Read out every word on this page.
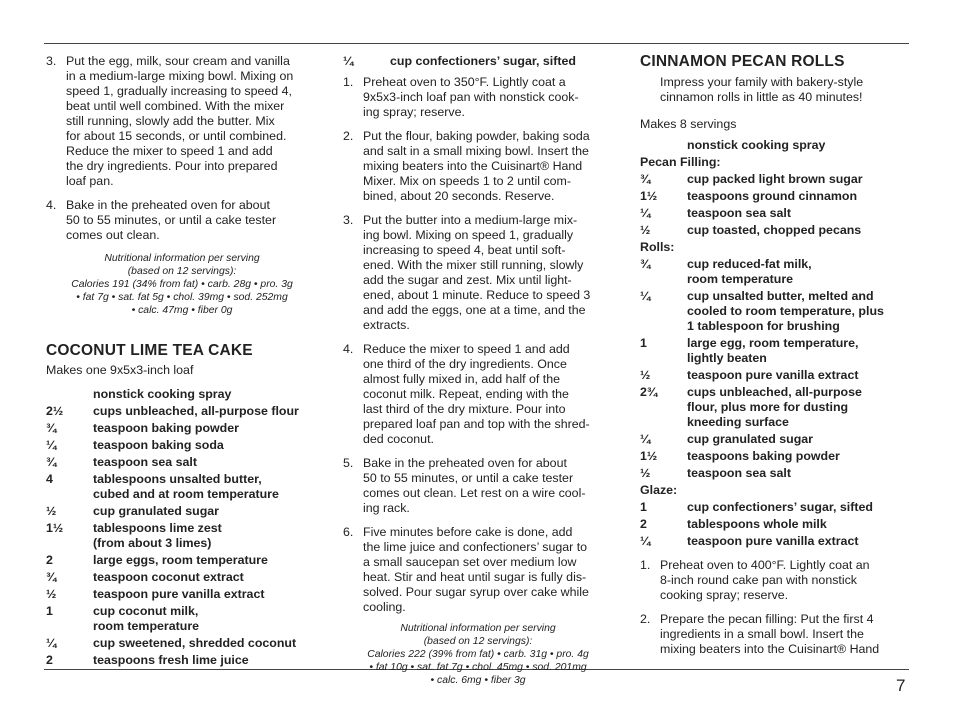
3. Put the egg, milk, sour cream and vanilla
in a medium-large mixing bowl. Mixing on
speed 1, gradually increasing to speed 4,
beat until well combined. With the mixer
still running, slowly add the butter. Mix
for about 15 seconds, or until combined.
Reduce the mixer to speed 1 and add
the dry ingredients. Pour into prepared
loaf pan.
4. Bake in the preheated oven for about
50 to 55 minutes, or until a cake tester
comes out clean.
Nutritional information per serving
(based on 12 servings):
Calories 191 (34% from fat) • carb. 28g • pro. 3g
• fat 7g • sat. fat 5g • chol. 39mg • sod. 252mg
• calc. 47mg • fiber 0g
COCONUT LIME TEA CAKE

Makes one 9x5x3-inch loaf

nonstick cooking spray
2½	cups unbleached, all-purpose flour
¾	teaspoon baking powder
¼	teaspoon baking soda
¾	teaspoon sea salt
4	tablespoons unsalted butter,
cubed and at room temperature
½	cup granulated sugar
1½	tablespoons lime zest
(from about 3 limes)
2	large eggs, room temperature
¾	teaspoon coconut extract
½	teaspoon pure vanilla extract
1	cup coconut milk,
room temperature
¼	cup sweetened, shredded coconut
2	teaspoons fresh lime juice
¼	cup confectioners’ sugar, sifted
1. Preheat oven to 350°F. Lightly coat a
9x5x3-inch loaf pan with nonstick cook-
ing spray; reserve.
2. Put the flour, baking powder, baking soda
and salt in a small mixing bowl. Insert the
mixing beaters into the Cuisinart® Hand
Mixer. Mix on speeds 1 to 2 until com-
bined, about 20 seconds. Reserve.
3. Put the butter into a medium-large mix-
ing bowl. Mixing on speed 1, gradually
increasing to speed 4, beat until soft-
ened. With the mixer still running, slowly
add the sugar and zest. Mix until light-
ened, about 1 minute. Reduce to speed 3
and add the eggs, one at a time, and the
extracts.
4. Reduce the mixer to speed 1 and add
one third of the dry ingredients. Once
almost fully mixed in, add half of the
coconut milk. Repeat, ending with the
last third of the dry mixture. Pour into
prepared loaf pan and top with the shred-
ded coconut.
5. Bake in the preheated oven for about
50 to 55 minutes, or until a cake tester
comes out clean. Let rest on a wire cool-
ing rack.
6. Five minutes before cake is done, add
the lime juice and confectioners’ sugar to
a small saucepan set over medium low
heat. Stir and heat until sugar is fully dis-
solved. Pour sugar syrup over cake while
cooling.
Nutritional information per serving
(based on 12 servings):
Calories 222 (39% from fat) • carb. 31g • pro. 4g
• fat 10g • sat. fat 7g • chol. 45mg • sod. 201mg
• calc. 6mg • fiber 3g
CINNAMON PECAN ROLLS
Impress your family with bakery-style
cinnamon rolls in little as 40 minutes!

Makes 8 servings

nonstick cooking spray
Pecan Filling:
¾	cup packed light brown sugar
1½	teaspoons ground cinnamon
¼	teaspoon sea salt
½	cup toasted, chopped pecans
Rolls:
¾	cup reduced-fat milk,
room temperature
¼	cup unsalted butter, melted and
cooled to room temperature, plus
1 tablespoon for brushing
1	large egg, room temperature,
lightly beaten
½	teaspoon pure vanilla extract
2¾	cups unbleached, all-purpose
flour, plus more for dusting
kneeding surface
¼	cup granulated sugar
1½	teaspoons baking powder
½	teaspoon sea salt
Glaze:
1	cup confectioners’ sugar, sifted
2	tablespoons whole milk
¼	teaspoon pure vanilla extract
1. Preheat oven to 400°F. Lightly coat an
8-inch round cake pan with nonstick
cooking spray; reserve.
2. Prepare the pecan filling: Put the first 4
ingredients in a small bowl. Insert the
mixing beaters into the Cuisinart® Hand
7
